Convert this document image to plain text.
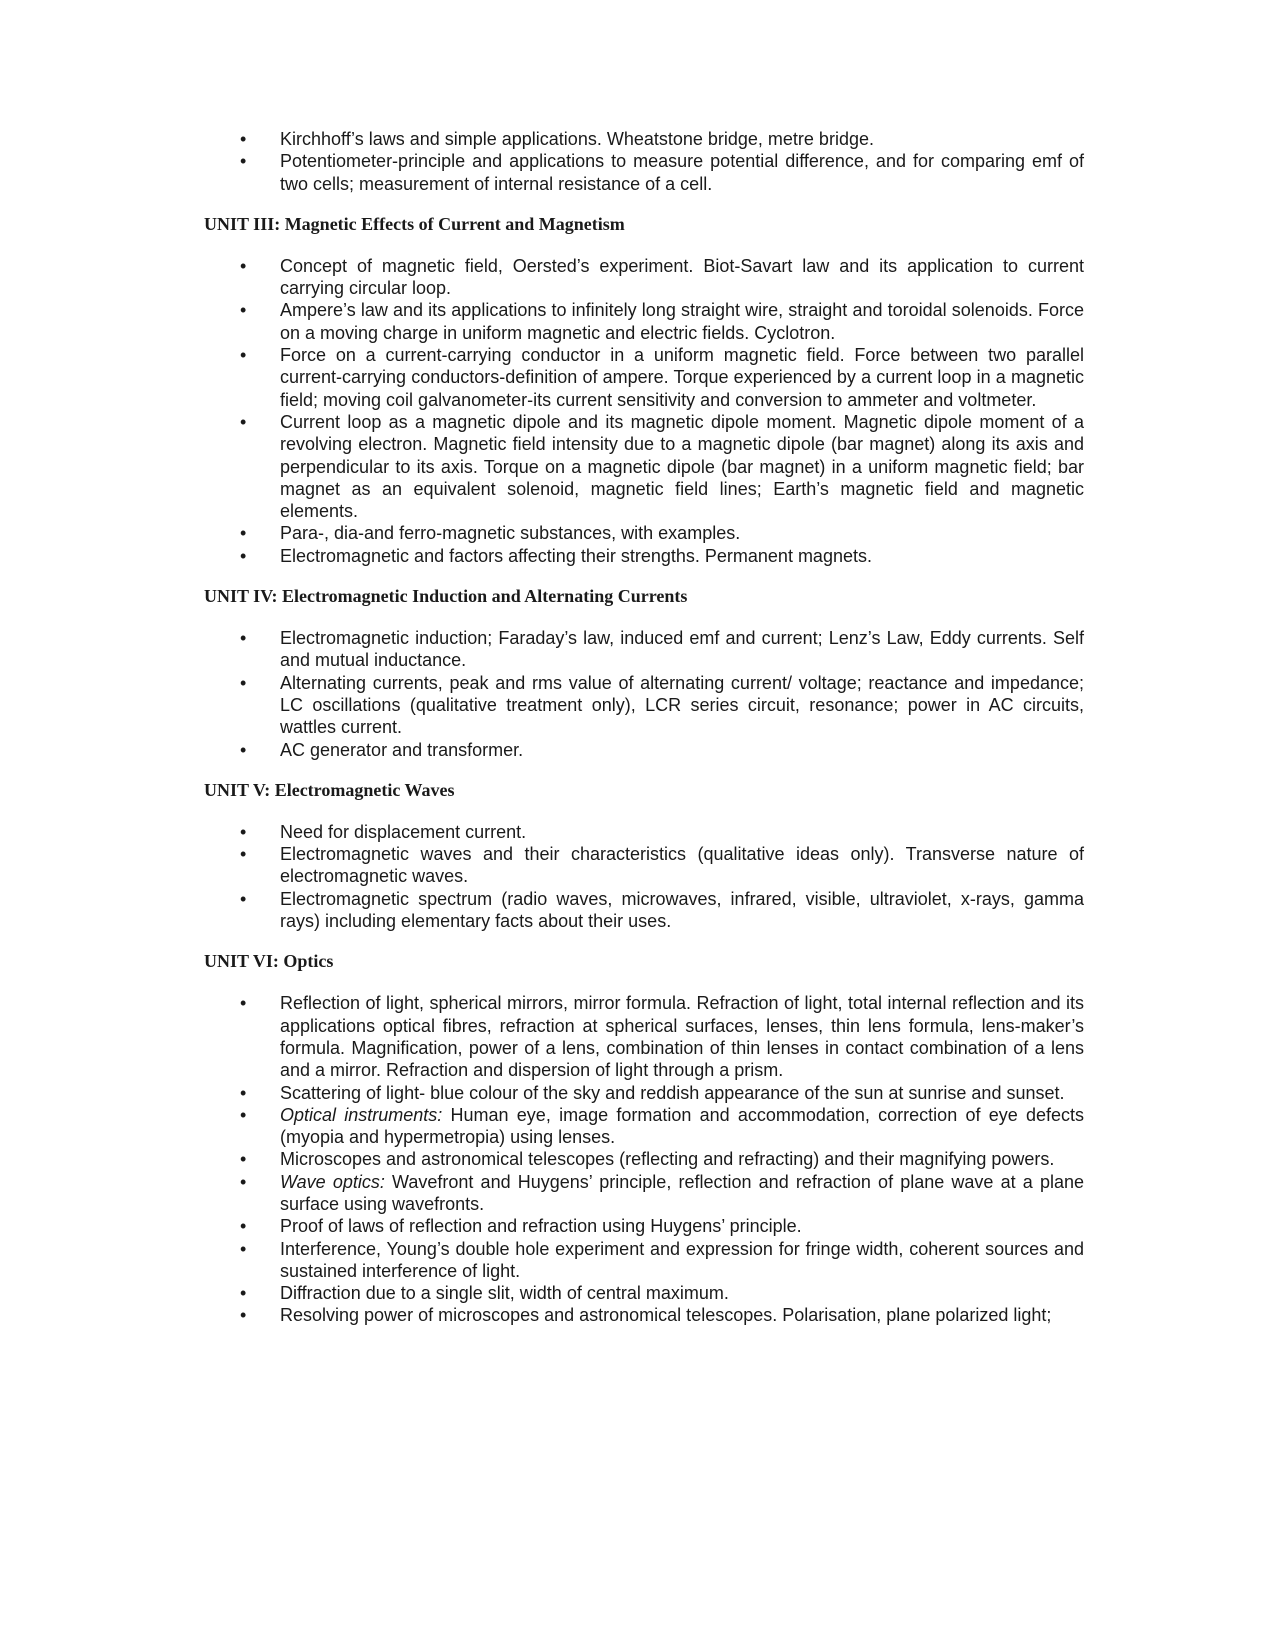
• Kirchhoff’s laws and simple applications. Wheatstone bridge, metre bridge.
• Potentiometer-principle and applications to measure potential difference, and for comparing emf of two cells; measurement of internal resistance of a cell.
UNIT III: Magnetic Effects of Current and Magnetism
• Concept of magnetic field, Oersted’s experiment. Biot-Savart law and its application to current carrying circular loop.
• Ampere’s law and its applications to infinitely long straight wire, straight and toroidal solenoids. Force on a moving charge in uniform magnetic and electric fields. Cyclotron.
• Force on a current-carrying conductor in a uniform magnetic field. Force between two parallel current-carrying conductors-definition of ampere. Torque experienced by a current loop in a magnetic field; moving coil galvanometer-its current sensitivity and conversion to ammeter and voltmeter.
• Current loop as a magnetic dipole and its magnetic dipole moment. Magnetic dipole moment of a revolving electron. Magnetic field intensity due to a magnetic dipole (bar magnet) along its axis and perpendicular to its axis. Torque on a magnetic dipole (bar magnet) in a uniform magnetic field; bar magnet as an equivalent solenoid, magnetic field lines; Earth’s magnetic field and magnetic elements.
• Para-, dia-and ferro-magnetic substances, with examples.
• Electromagnetic and factors affecting their strengths. Permanent magnets.
UNIT IV: Electromagnetic Induction and Alternating Currents
• Electromagnetic induction; Faraday’s law, induced emf and current; Lenz’s Law, Eddy currents. Self and mutual inductance.
• Alternating currents, peak and rms value of alternating current/ voltage; reactance and impedance; LC oscillations (qualitative treatment only), LCR series circuit, resonance; power in AC circuits, wattles current.
• AC generator and transformer.
UNIT V: Electromagnetic Waves
• Need for displacement current.
• Electromagnetic waves and their characteristics (qualitative ideas only). Transverse nature of electromagnetic waves.
• Electromagnetic spectrum (radio waves, microwaves, infrared, visible, ultraviolet, x-rays, gamma rays) including elementary facts about their uses.
UNIT VI: Optics
• Reflection of light, spherical mirrors, mirror formula. Refraction of light, total internal reflection and its applications optical fibres, refraction at spherical surfaces, lenses, thin lens formula, lens-maker’s formula. Magnification, power of a lens, combination of thin lenses in contact combination of a lens and a mirror. Refraction and dispersion of light through a prism.
• Scattering of light- blue colour of the sky and reddish appearance of the sun at sunrise and sunset.
• Optical instruments: Human eye, image formation and accommodation, correction of eye defects (myopia and hypermetropia) using lenses.
• Microscopes and astronomical telescopes (reflecting and refracting) and their magnifying powers.
• Wave optics: Wavefront and Huygens’ principle, reflection and refraction of plane wave at a plane surface using wavefronts.
• Proof of laws of reflection and refraction using Huygens’ principle.
• Interference, Young’s double hole experiment and expression for fringe width, coherent sources and sustained interference of light.
• Diffraction due to a single slit, width of central maximum.
• Resolving power of microscopes and astronomical telescopes. Polarisation, plane polarized light;
